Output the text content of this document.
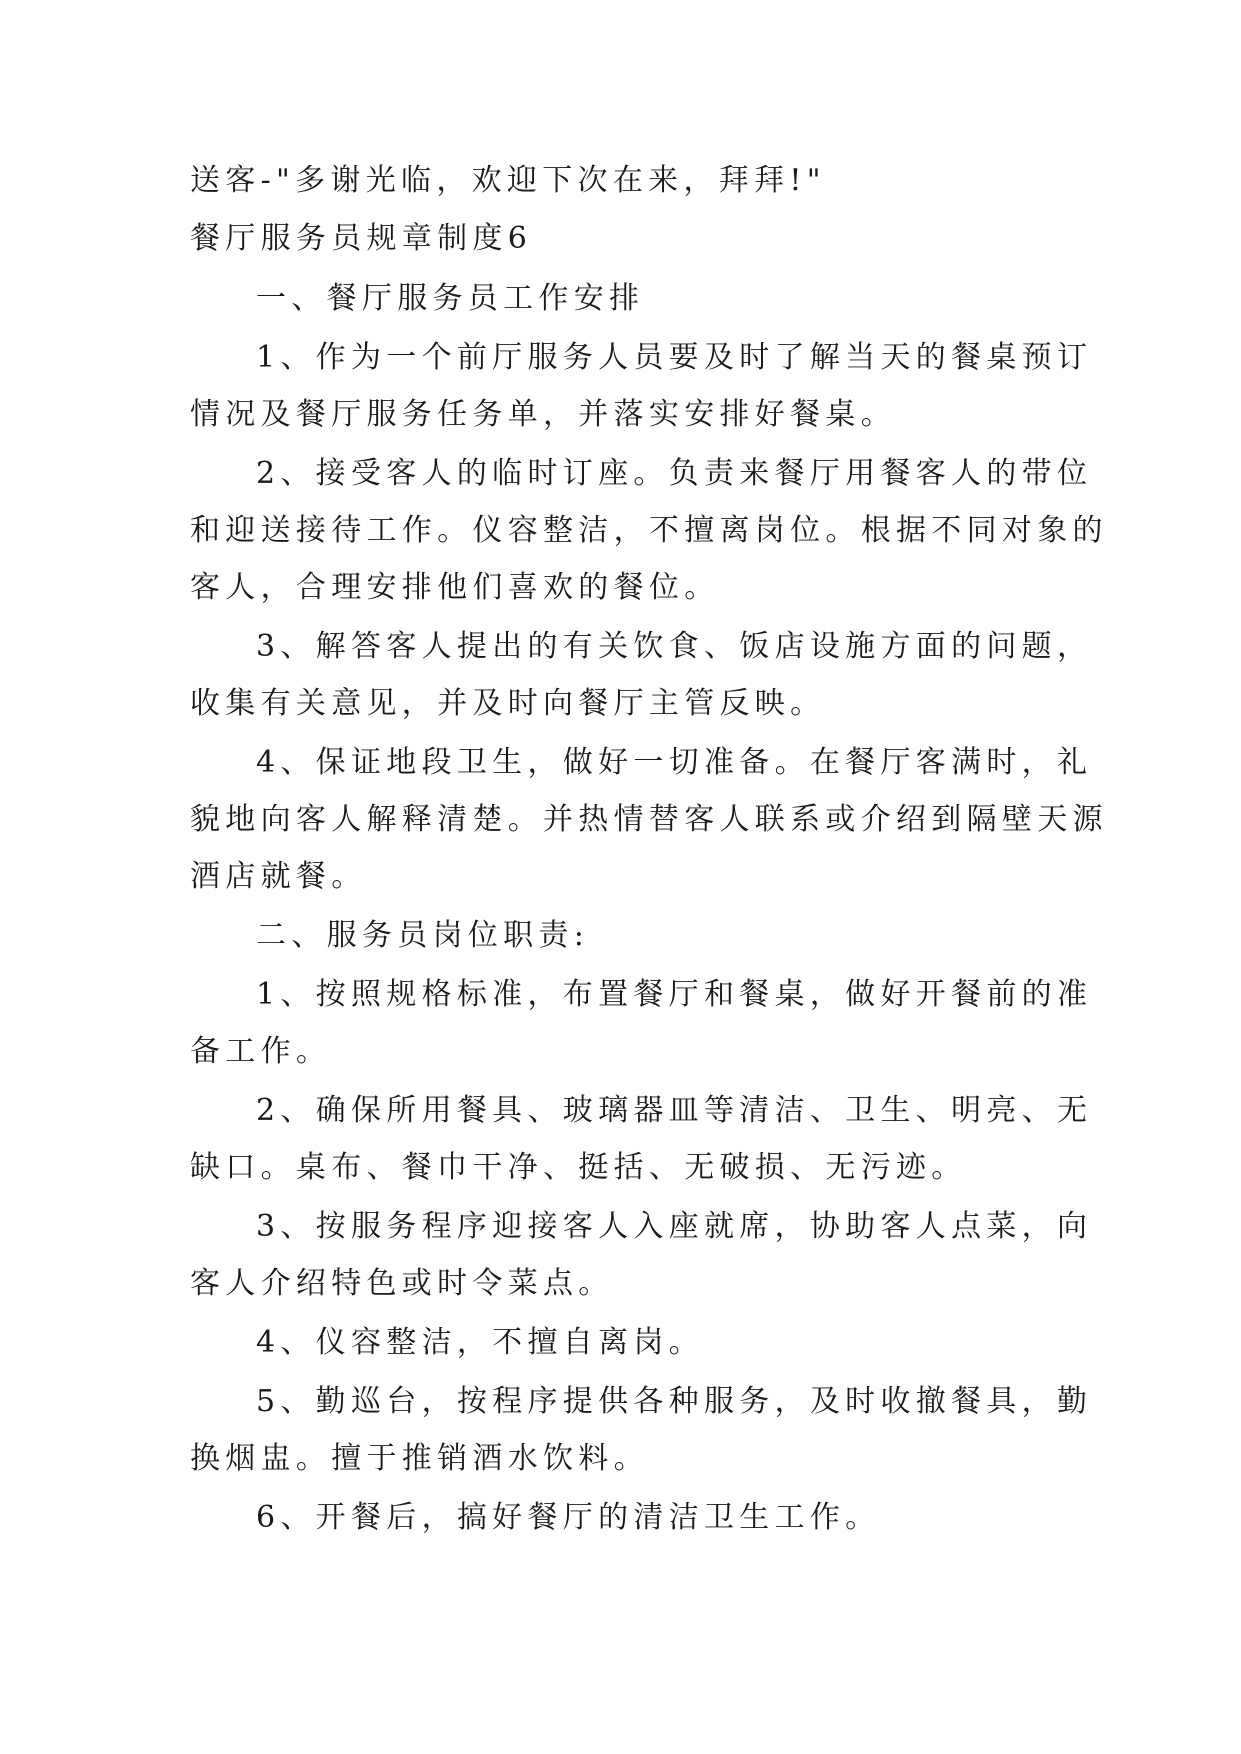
送客-"多谢光临，欢迎下次在来，拜拜!"

餐厅服务员规章制度6

一、餐厅服务员工作安排
1、作为一个前厅服务人员要及时了解当天的餐桌预订
情况及餐厅服务任务单，并落实安排好餐桌。
2、接受客人的临时订座。负责来餐厅用餐客人的带位
和迎送接待工作。仪容整洁，不擅离岗位。根据不同对象的
客人，合理安排他们喜欢的餐位。
3、解答客人提出的有关饮食、饭店设施方面的问题，
收集有关意见，并及时向餐厅主管反映。
4、保证地段卫生，做好一切准备。在餐厅客满时，礼
貌地向客人解释清楚。并热情替客人联系或介绍到隔壁天源
酒店就餐。
二、服务员岗位职责:
1、按照规格标准，布置餐厅和餐桌，做好开餐前的准
备工作。
2、确保所用餐具、玻璃器皿等清洁、卫生、明亮、无
缺口。桌布、餐巾干净、挺括、无破损、无污迹。
3、按服务程序迎接客人入座就席，协助客人点菜，向
客人介绍特色或时令菜点。
4、仪容整洁，不擅自离岗。
5、勤巡台，按程序提供各种服务，及时收撤餐具，勤
换烟盅。擅于推销酒水饮料。
6、开餐后，搞好餐厅的清洁卫生工作。
